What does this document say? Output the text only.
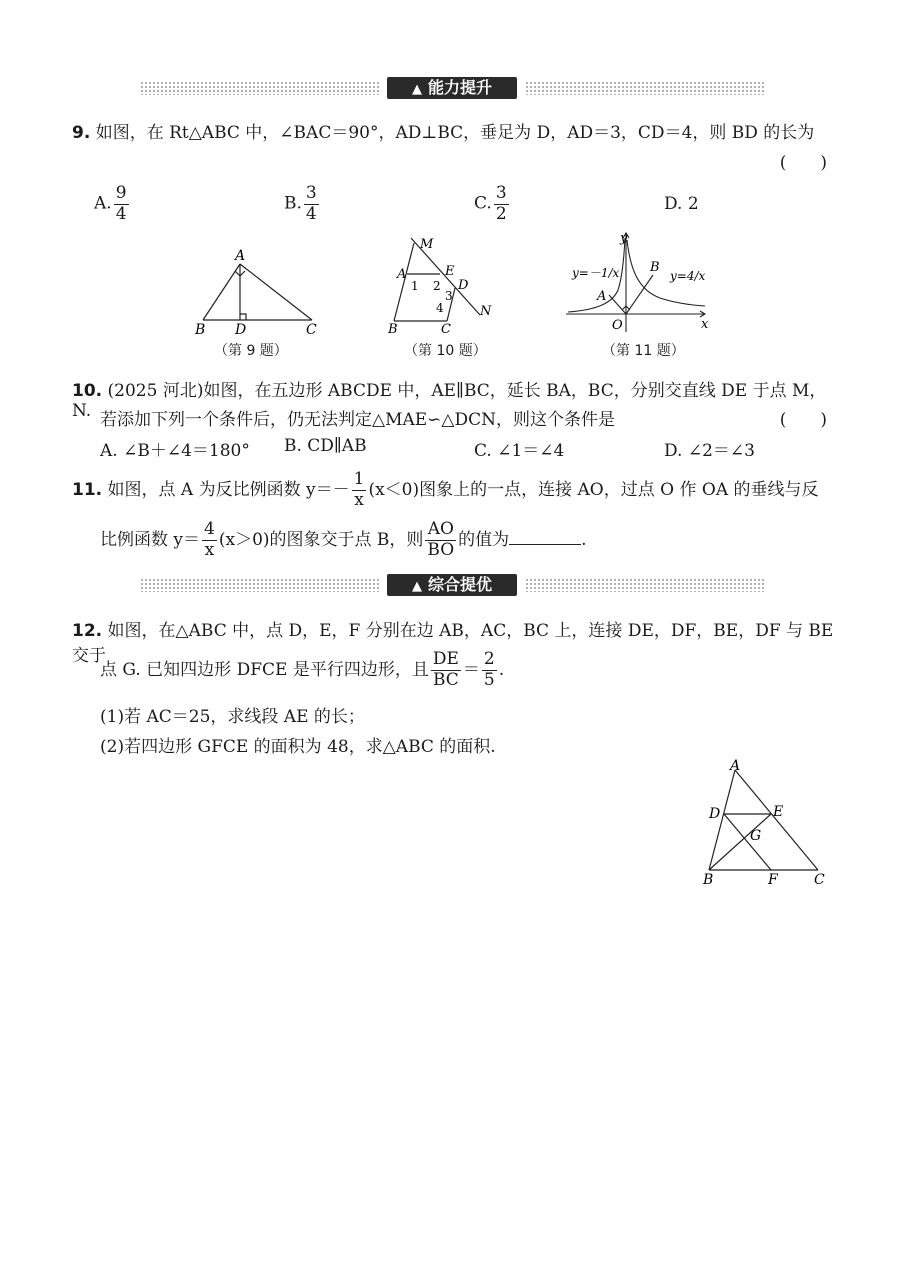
▲ 能力提升
9. 如图，在 Rt△ABC 中，∠BAC＝90°，AD⊥BC，垂足为 D，AD＝3，CD＝4，则 BD 的长为
(　　)
A. $\frac{9}{4}$	B. $\frac{3}{4}$	C. $\frac{3}{2}$	D. 2
A
B D	C
（第 9 题）
M
A	E
D
N
B	C
1 2
3
4
（第 10 题）
y
x
O
A
B
y=－1/x	y=4/x
（第 11 题）
10. (2025 河北)如图，在五边形 ABCDE 中，AE∥BC，延长 BA，BC，分别交直线 DE 于点 M，N. 若添加下列一个条件后，仍无法判定△MAE∽△DCN，则这个条件是	(　　)
A. ∠B＋∠4＝180° B. CD∥AB	C. ∠1＝∠4	D. ∠2＝∠3
11. 如图，点 A 为反比例函数 $y=- \frac{1}{x} (x<0)$图象上的一点，连接 AO，过点 O 作 OA 的垂线与反
比例函数 $y= \frac{4}{x} (x>0)$的图象交于点 B，则 $\frac{AO}{BO}$ 的值为	.
▲ 综合提优
12. 如图，在△ABC 中，点 D，E，F 分别在边 AB，AC，BC 上，连接 DE，DF，BE，DF 与 BE 交于
点 G. 已知四边形 DFCE 是平行四边形，且 $\frac{DE}{BC} = \frac{2}{5}$ .
(1)若 AC＝25，求线段 AE 的长；
(2)若四边形 GFCE 的面积为 48，求△ABC 的面积.
A
D	E
G
B	F	C
